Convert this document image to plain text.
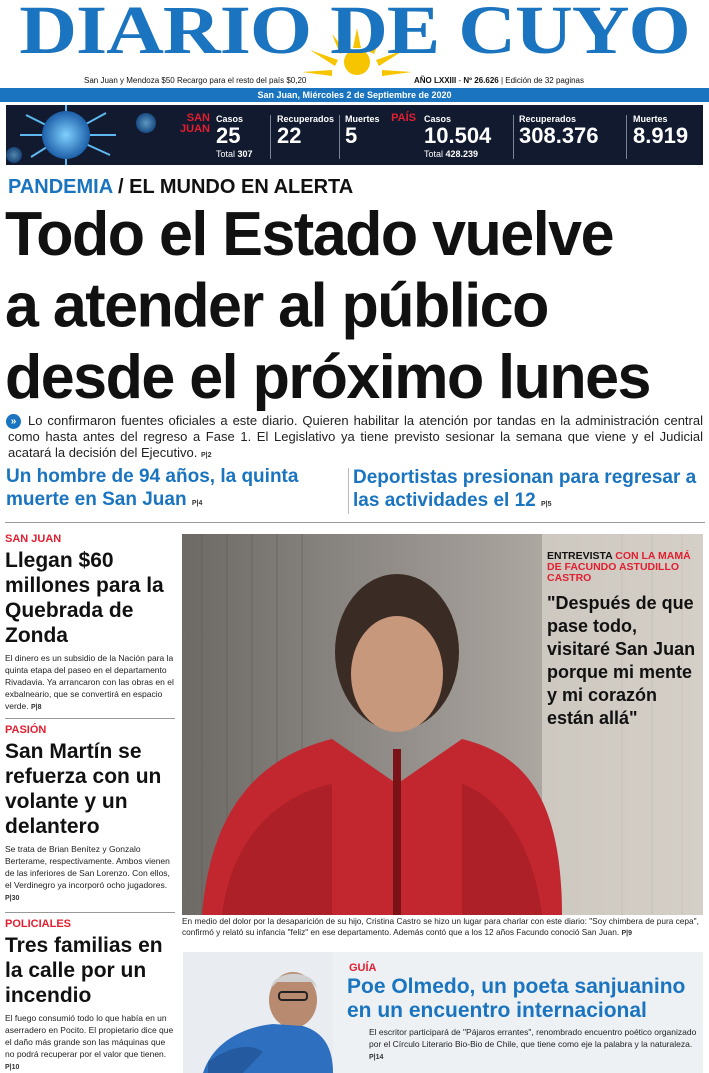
DIARIO DE CUYO
San Juan y Mendoza $50 Recargo para el resto del país $0,20	AÑO LXXIII - Nº 26.626 | Edición de 32 paginas
San Juan, Miércoles 2 de Septiembre de 2020
SAN JUAN
Casos
25
Total 307
Recuperados
22
Muertes
5
PAÍS Casos
10.504
Total 428.239
Recuperados
308.376
Muertes
8.919
PANDEMIA / EL MUNDO EN ALERTA
Todo el Estado vuelve
a atender al público
desde el próximo lunes
» Lo confirmaron fuentes oficiales a este diario. Quieren habilitar la atención por tandas en la administración central como hasta antes del regreso a Fase 1. El Legislativo ya tiene previsto sesionar la semana que viene y el Judicial acatará la decisión del Ejecutivo. P|2
Un hombre de 94 años, la quinta muerte en San Juan P|4
Deportistas presionan para regresar a las actividades el 12 P|5
SAN JUAN
Llegan $60 millones para la Quebrada de Zonda
El dinero es un subsidio de la Nación para la quinta etapa del paseo en el departamento Rivadavia. Ya arrancaron con las obras en el exbalneario, que se convertirá en espacio verde. P|8
PASIÓN
San Martín se refuerza con un volante y un delantero
Se trata de Brian Benítez y Gonzalo Berterame, respectivamente. Ambos vienen de las inferiores de San Lorenzo. Con ellos, el Verdinegro ya incorporó ocho jugadores. P|30
POLICIALES
Tres familias en la calle por un incendio
El fuego consumió todo lo que había en un aserradero en Pocito. El propietario dice que el daño más grande son las máquinas que no podrá recuperar por el valor que tienen. P|10
ENTREVISTA CON LA MAMÁ DE FACUNDO ASTUDILLO CASTRO
"Después de que pase todo, visitaré San Juan porque mi mente y mi corazón están allá"
En medio del dolor por la desaparición de su hijo, Cristina Castro se hizo un lugar para charlar con este diario: "Soy chimbera de pura cepa", confirmó y relató su infancia "feliz" en ese departamento. Además contó que a los 12 años Facundo conoció San Juan. P|9
GUÍA
Poe Olmedo, un poeta sanjuanino en un encuentro internacional
El escritor participará de "Pájaros errantes", renombrado encuentro poético organizado por el Círculo Literario Bio-Bio de Chile, que tiene como eje la palabra y la naturaleza. P|14
